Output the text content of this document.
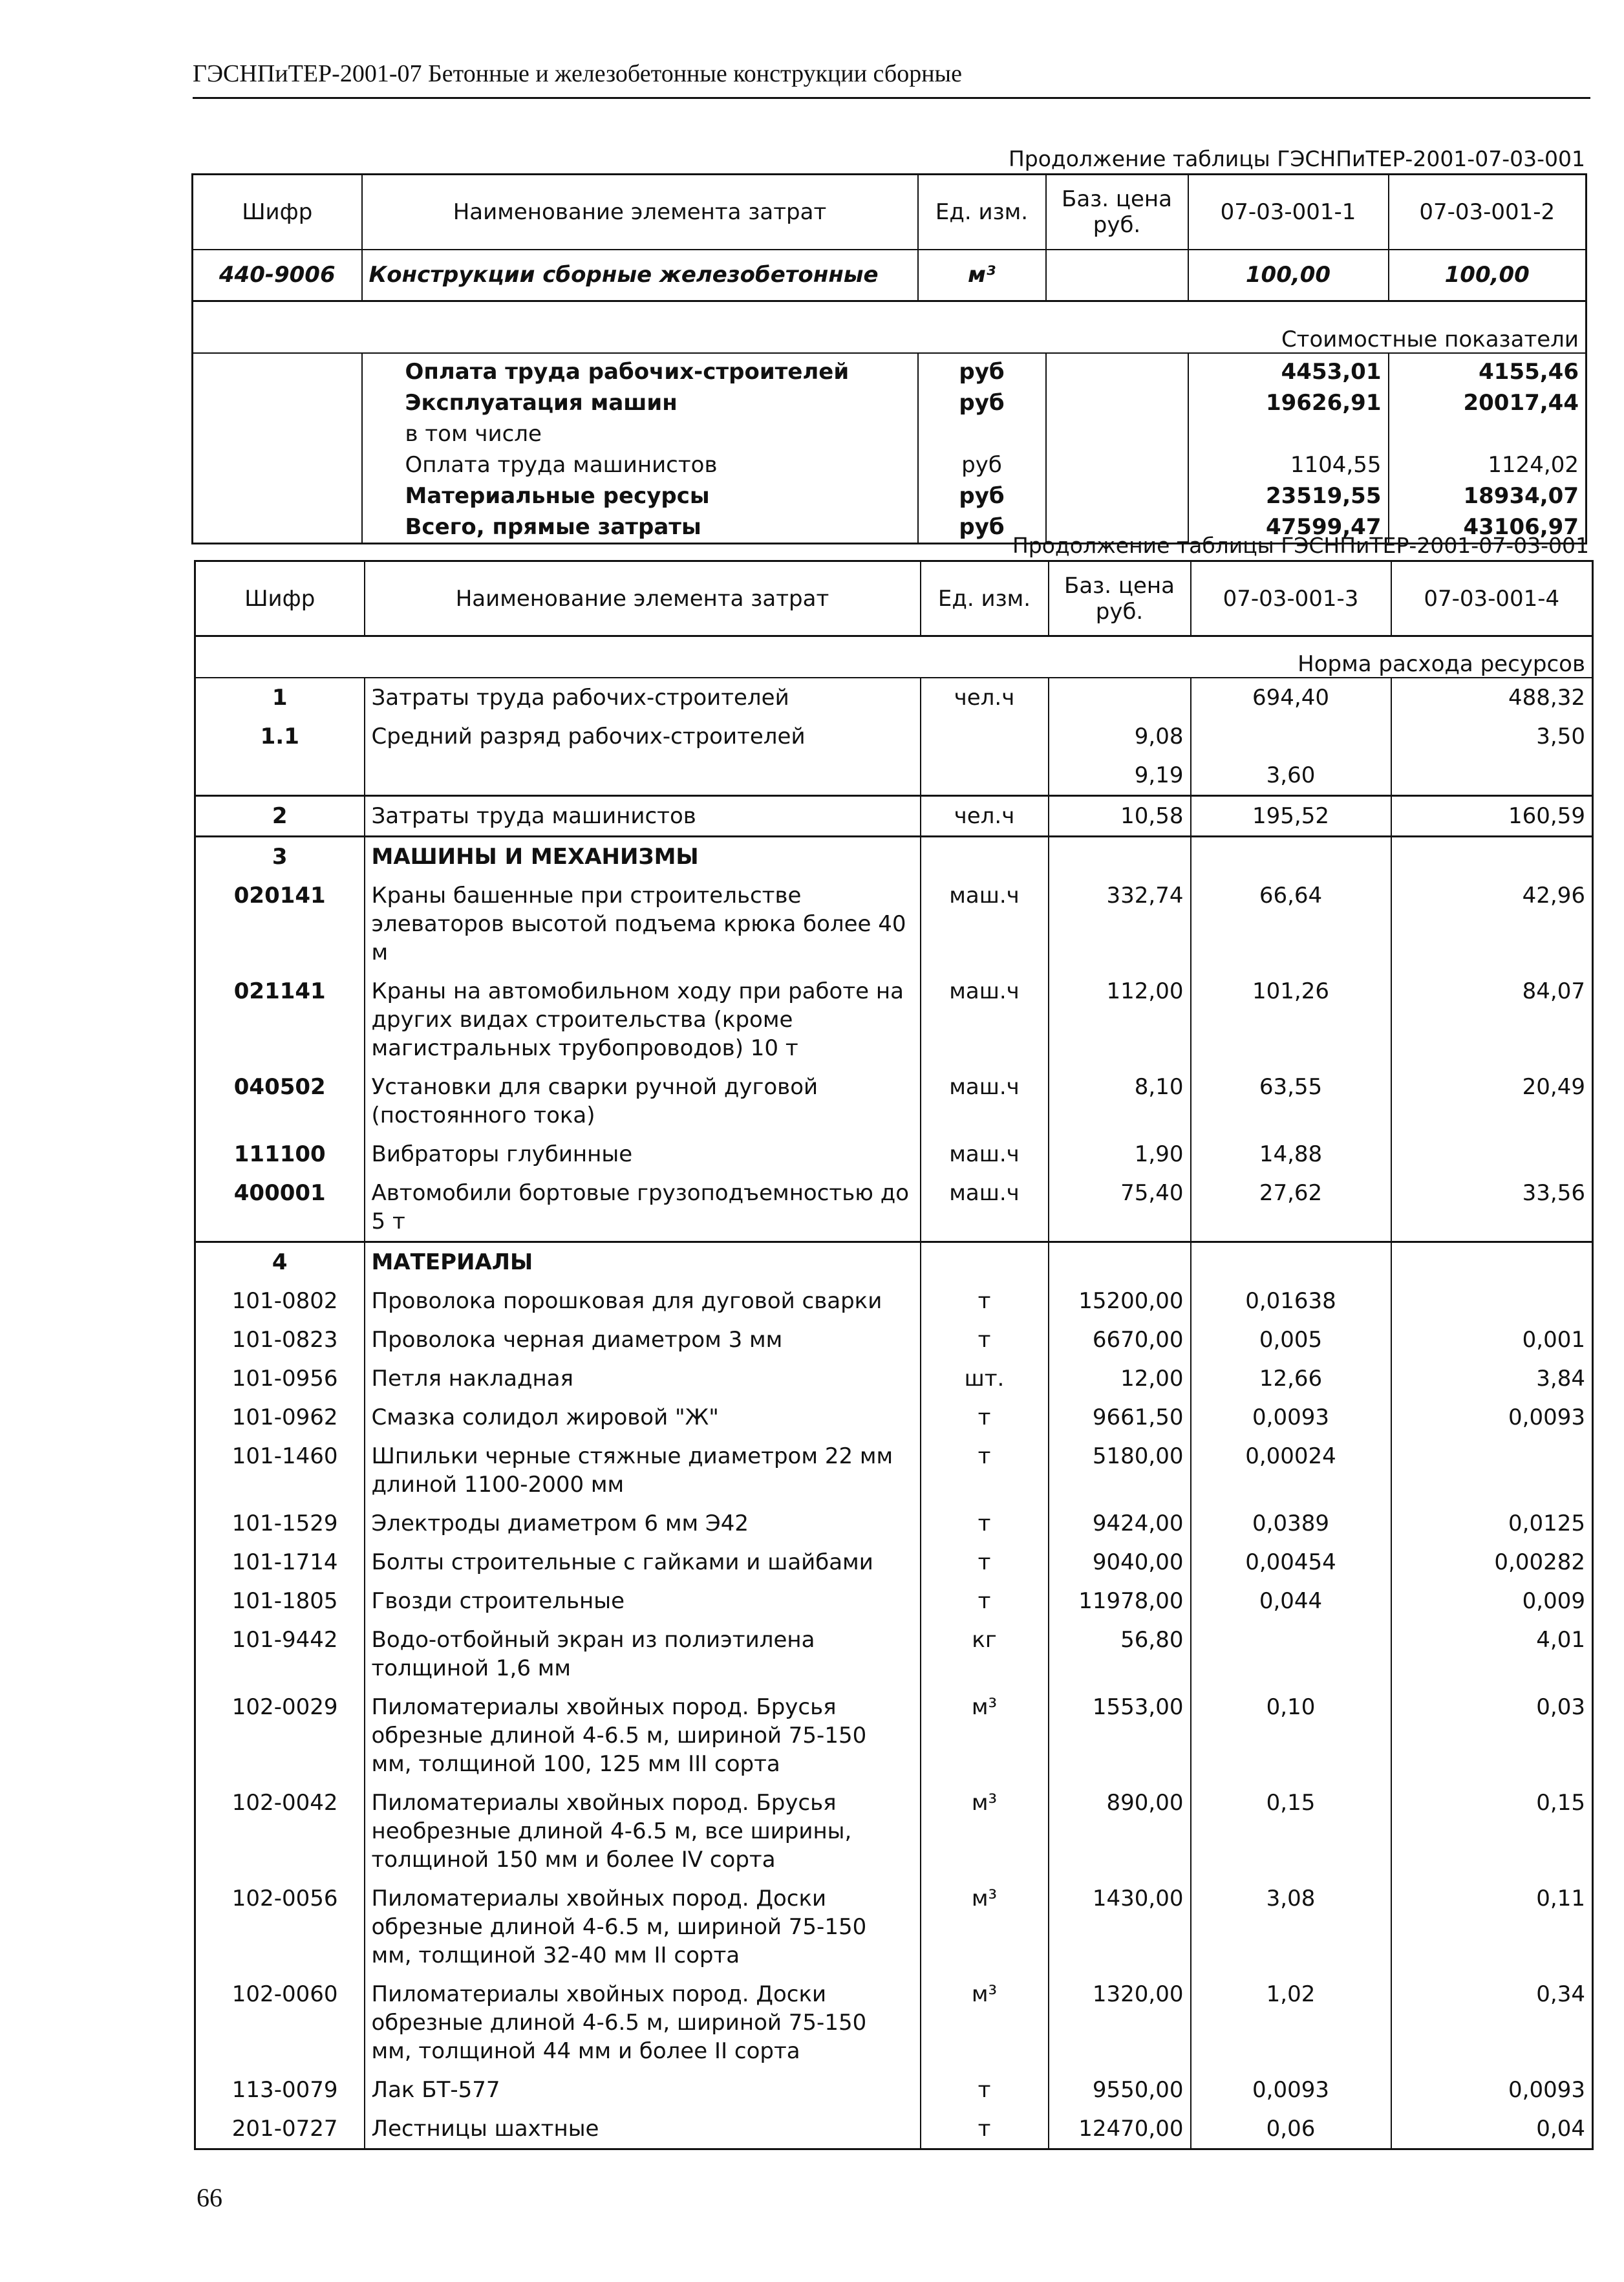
ГЭСНПиТЕР-2001-07 Бетонные и железобетонные конструкции сборные
Продолжение таблицы ГЭСНПиТЕР-2001-07-03-001
Шифр	Наименование элемента затрат	Ед. изм.	Баз. цена руб.	07-03-001-1	07-03-001-2
440-9006	Конструкции сборные железобетонные	м³		100,00	100,00
Стоимостные показатели					
	Оплата труда рабочих-строителей	руб		4453,01	4155,46
	Эксплуатация машин	руб		19626,91	20017,44
	в том числе				
	Оплата труда машинистов	руб		1104,55	1124,02
	Материальные ресурсы	руб		23519,55	18934,07
	Всего, прямые затраты	руб		47599,47	43106,97
Продолжение таблицы ГЭСНПиТЕР-2001-07-03-001
Шифр	Наименование элемента затрат	Ед. изм.	Баз. цена руб.	07-03-001-3	07-03-001-4
Норма расхода ресурсов					
1	Затраты труда рабочих-строителей	чел.ч		694,40	488,32
1.1	Средний разряд рабочих-строителей		9,08		3,50
			9,19	3,60	
2	Затраты труда машинистов	чел.ч	10,58	195,52	160,59
3	МАШИНЫ И МЕХАНИЗМЫ				
020141	Краны башенные при строительстве элеваторов высотой подъема крюка более 40 м	маш.ч	332,74	66,64	42,96
021141	Краны на автомобильном ходу при работе на других видах строительства (кроме магистральных трубопроводов) 10 т	маш.ч	112,00	101,26	84,07
040502	Установки для сварки ручной дуговой (постоянного тока)	маш.ч	8,10	63,55	20,49
111100	Вибраторы глубинные	маш.ч	1,90	14,88	
400001	Автомобили бортовые грузоподъемностью до 5 т	маш.ч	75,40	27,62	33,56
4	МАТЕРИАЛЫ				
101-0802	Проволока порошковая для дуговой сварки	т	15200,00	0,01638	
101-0823	Проволока черная диаметром 3 мм	т	6670,00	0,005	0,001
101-0956	Петля накладная	шт.	12,00	12,66	3,84
101-0962	Смазка солидол жировой "Ж"	т	9661,50	0,0093	0,0093
101-1460	Шпильки черные стяжные диаметром 22 мм длиной 1100-2000 мм	т	5180,00	0,00024	
101-1529	Электроды диаметром 6 мм Э42	т	9424,00	0,0389	0,0125
101-1714	Болты строительные с гайками и шайбами	т	9040,00	0,00454	0,00282
101-1805	Гвозди строительные	т	11978,00	0,044	0,009
101-9442	Водо-отбойный экран из полиэтилена толщиной 1,6 мм	кг	56,80		4,01
102-0029	Пиломатериалы хвойных пород. Брусья обрезные длиной 4-6.5 м, шириной 75-150 мм, толщиной 100, 125 мм III сорта	м³	1553,00	0,10	0,03
102-0042	Пиломатериалы хвойных пород. Брусья необрезные длиной 4-6.5 м, все ширины, толщиной 150 мм и более IV сорта	м³	890,00	0,15	0,15
102-0056	Пиломатериалы хвойных пород. Доски обрезные длиной 4-6.5 м, шириной 75-150 мм, толщиной 32-40 мм II сорта	м³	1430,00	3,08	0,11
102-0060	Пиломатериалы хвойных пород. Доски обрезные длиной 4-6.5 м, шириной 75-150 мм, толщиной 44 мм и более II сорта	м³	1320,00	1,02	0,34
113-0079	Лак БТ-577	т	9550,00	0,0093	0,0093
201-0727	Лестницы шахтные	т	12470,00	0,06	0,04
66
